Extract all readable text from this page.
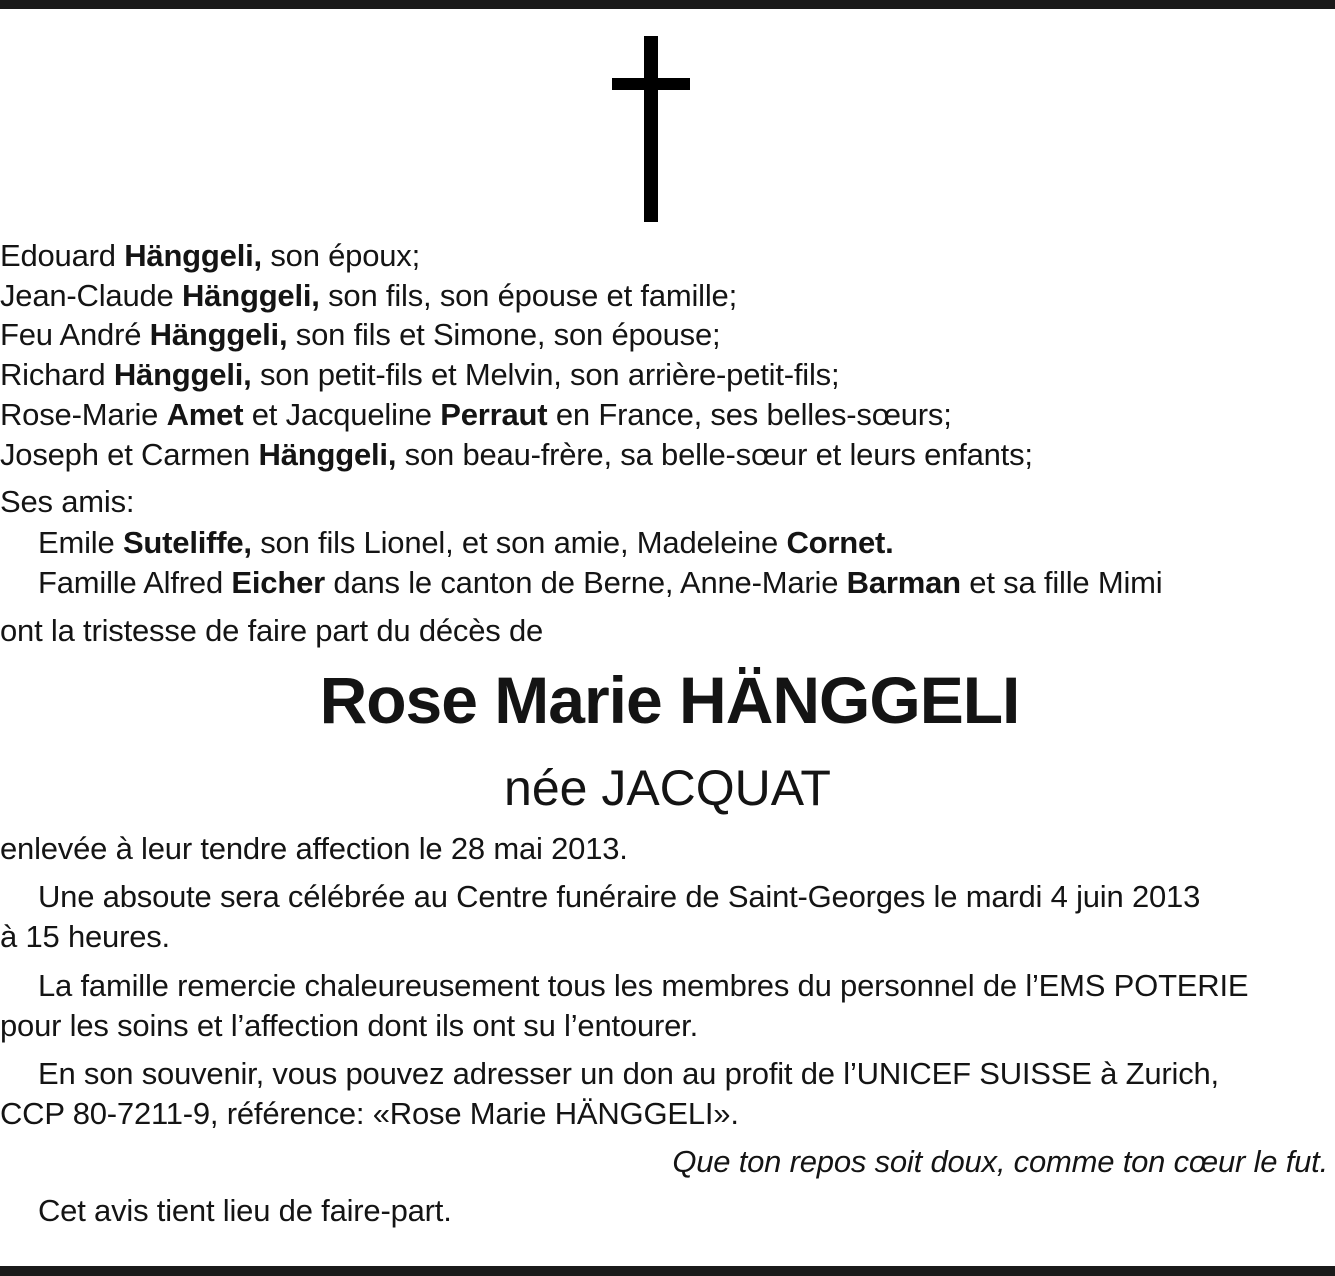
Edouard Hänggeli, son époux;
Jean-Claude Hänggeli, son fils, son épouse et famille;
Feu André Hänggeli, son fils et Simone, son épouse;
Richard Hänggeli, son petit-fils et Melvin, son arrière-petit-fils;
Rose-Marie Amet et Jacqueline Perraut en France, ses belles-sœurs;
Joseph et Carmen Hänggeli, son beau-frère, sa belle-sœur et leurs enfants;
Ses amis:
Emile Suteliffe, son fils Lionel, et son amie, Madeleine Cornet.
Famille Alfred Eicher dans le canton de Berne, Anne-Marie Barman et sa fille Mimi
ont la tristesse de faire part du décès de
Rose Marie HÄNGGELI
née JACQUAT
enlevée à leur tendre affection le 28 mai 2013.
Une absoute sera célébrée au Centre funéraire de Saint-Georges le mardi 4 juin 2013
à 15 heures.
La famille remercie chaleureusement tous les membres du personnel de l’EMS POTERIE
pour les soins et l’affection dont ils ont su l’entourer.
En son souvenir, vous pouvez adresser un don au profit de l’UNICEF SUISSE à Zurich,
CCP 80-7211-9, référence: «Rose Marie HÄNGGELI».
Que ton repos soit doux, comme ton cœur le fut.
Cet avis tient lieu de faire-part.
